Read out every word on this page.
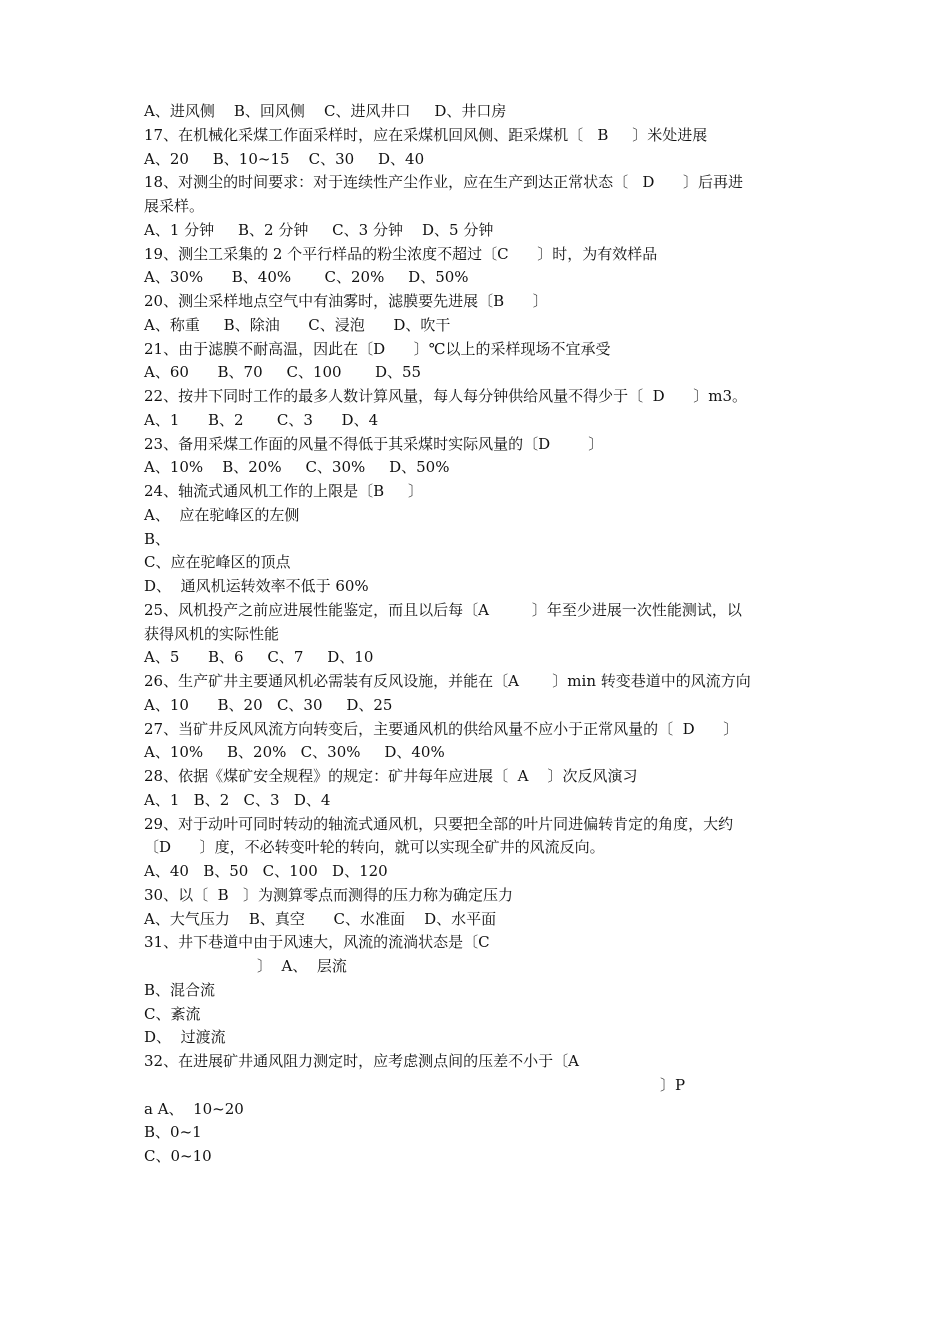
A、进风侧    B、回风侧    C、进风井口     D、井口房
17、在机械化采煤工作面采样时，应在采煤机回风侧、距采煤机〔   B     〕米处进展
A、20     B、10~15    C、30     D、40
18、对测尘的时间要求：对于连续性产尘作业，应在生产到达正常状态〔   D      〕后再进
展采样。
A、1 分钟     B、2 分钟     C、3 分钟    D、5 分钟
19、测尘工采集的 2 个平行样品的粉尘浓度不超过〔C      〕时，为有效样品
A、30%      B、40%       C、20%     D、50%
20、测尘采样地点空气中有油雾时，滤膜要先进展〔B      〕
A、称重     B、除油      C、浸泡      D、吹干
21、由于滤膜不耐高温，因此在〔D      〕℃以上的采样现场不宜承受
A、60      B、70     C、100       D、55
22、按井下同时工作的最多人数计算风量，每人每分钟供给风量不得少于〔  D      〕m3。
A、1      B、2       C、3      D、4
23、备用采煤工作面的风量不得低于其采煤时实际风量的〔D        〕
A、10%    B、20%     C、30%     D、50%
24、轴流式通风机工作的上限是〔B     〕
A、  应在驼峰区的左侧
B、
C、应在驼峰区的顶点
D、  通风机运转效率不低于 60%
25、风机投产之前应进展性能鉴定，而且以后每〔A         〕年至少进展一次性能测试，以
获得风机的实际性能
A、5      B、6     C、7     D、10
26、生产矿井主要通风机必需装有反风设施，并能在〔A       〕min 转变巷道中的风流方向
A、10      B、20   C、30     D、25
27、当矿井反风风流方向转变后，主要通风机的供给风量不应小于正常风量的〔  D      〕
A、10%     B、20%   C、30%     D、40%
28、依据《煤矿安全规程》的规定：矿井每年应进展〔  A    〕次反风演习
A、1   B、2   C、3   D、4
29、对于动叶可同时转动的轴流式通风机，只要把全部的叶片同进偏转肯定的角度，大约
〔D      〕度，不必转变叶轮的转向，就可以实现全矿井的风流反向。
A、40   B、50   C、100   D、120
30、以〔  B   〕为测算零点而测得的压力称为确定压力
A、大气压力    B、真空      C、水准面    D、水平面
31、井下巷道中由于风速大，风流的流淌状态是〔C
〕  A、  层流
B、混合流
C、紊流
D、  过渡流
32、在进展矿井通风阻力测定时，应考虑测点间的压差不小于〔A
〕P
a A、  10~20
B、0~1
C、0~10
